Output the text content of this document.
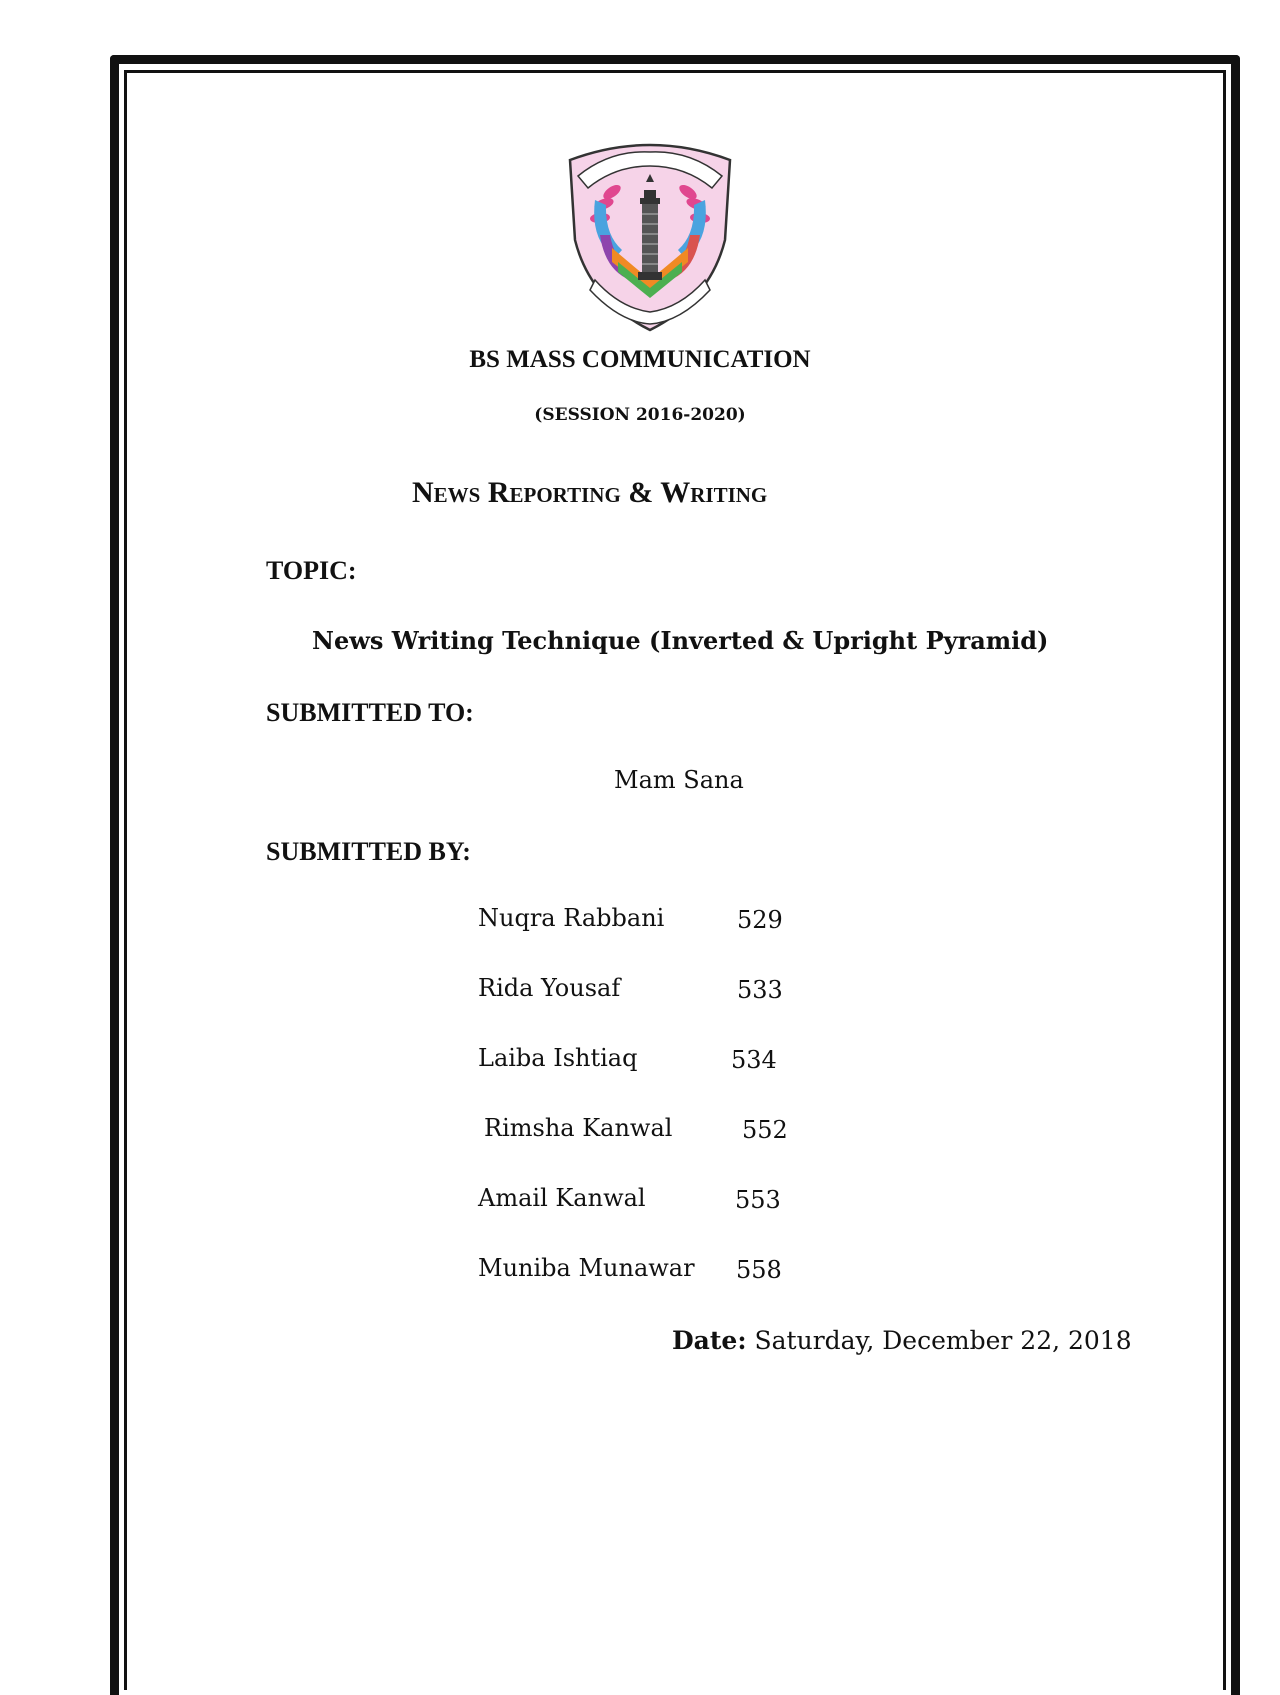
BS MASS COMMUNICATION
(SESSION 2016-2020)
News Reporting & Writing
TOPIC:
News Writing Technique (Inverted & Upright Pyramid)
SUBMITTED TO:
Mam Sana
SUBMITTED BY:
Nuqra Rabbani	529
Rida Yousaf	533
Laiba Ishtiaq	534
Rimsha Kanwal	552
Amail Kanwal	553
Muniba Munawar 558
Date: Saturday, December 22, 2018
